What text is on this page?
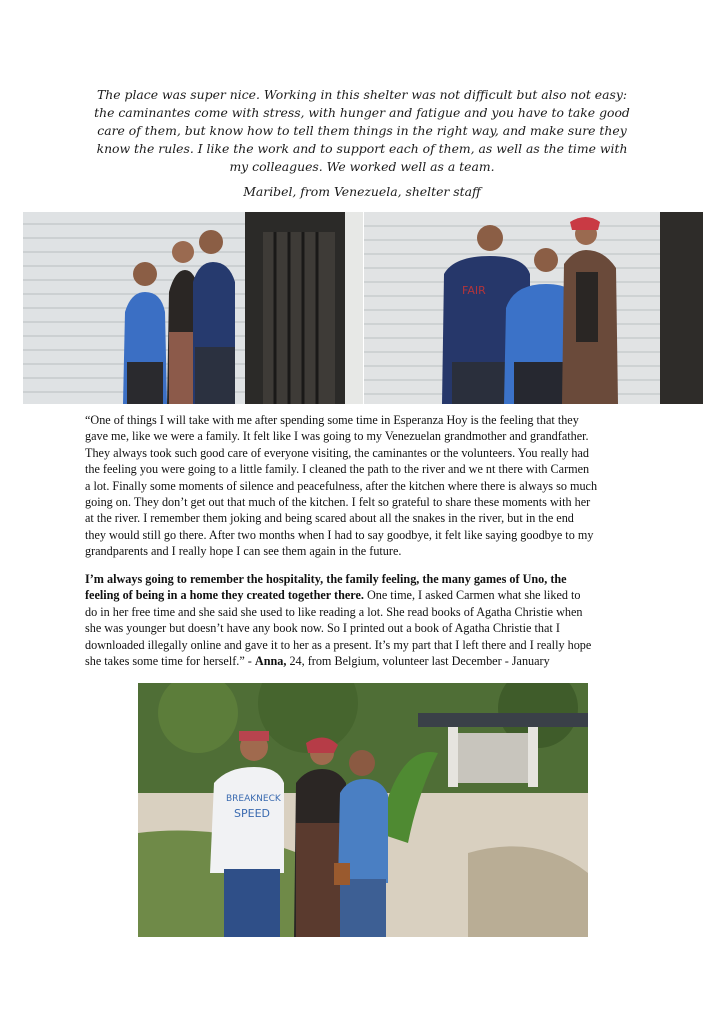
The place was super nice. Working in this shelter was not difficult but also not easy:
the caminantes come with stress, with hunger and fatigue and you have to take good
care of them, but know how to tell them things in the right way, and make sure they
know the rules. I like the work and to support each of them, as well as the time with
my colleagues. We worked well as a team.
Maribel, from Venezuela, shelter staff
FAIR
“One of things I will take with me after spending some time in Esperanza Hoy is the feeling that they
gave me, like we were a family. It felt like I was going to my Venezuelan grandmother and grandfather.
They always took such good care of everyone visiting, the caminantes or the volunteers. You really had
the feeling you were going to a little family. I cleaned the path to the river and we nt there with Carmen
a lot. Finally some moments of silence and peacefulness, after the kitchen where there is always so much
going on. They don’t get out that much of the kitchen. I felt so grateful to share these moments with her
at the river. I remember them joking and being scared about all the snakes in the river, but in the end
they would still go there. After two months when I had to say goodbye, it felt like saying goodbye to my
grandparents and I really hope I can see them again in the future.
I’m always going to remember the hospitality, the family feeling, the many games of Uno, the
feeling of being in a home they created together there. One time, I asked Carmen what she liked to
do in her free time and she said she used to like reading a lot. She read books of Agatha Christie when
she was younger but doesn’t have any book now. So I printed out a book of Agatha Christie that I
downloaded illegally online and gave it to her as a present. It’s my part that I left there and I really hope
she takes some time for herself.” - Anna, 24, from Belgium, volunteer last December - January
BREAKNECK
SPEED
